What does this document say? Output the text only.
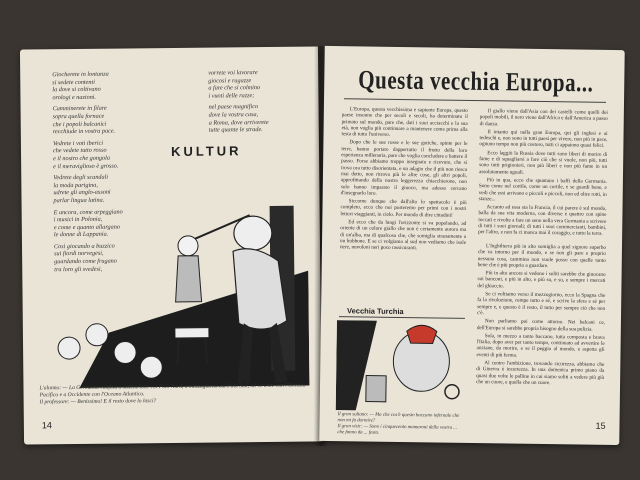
Giocherete in lontanza
si sedete contenti
la dove si coltivano
orologi e nazioni.

Camminerete in filare
sopra quella fornace
che i popoli balcanici
recchiude in vostra pace.

Vedrete i voti iberici
che vedete tutto rosso
e il nostro che gongola
e il meraviglioso è grosso.

Vedrete degli scandali
la moda parigina,
udrete gli anglo-assoni
parlar lingua latina.

E ancora, come arpeggiano
i musici in Polonia,
e come e quanto allargano
le donne di Lappania.

Così giocando a buzzico
sui fiordi norvegesi,
guardando come frugano
tra loro gli svedesi,

vorrete voi lavorare
giocosi e ragazze
a fare che si colmino
i vuoti delle razze;

nel paese magnifico
dove la vostra casa,
a Roma, dove arriverete
tutte quante le strade.

KULTUR
L'alunno: — La Germania confina a settentrione col Polo Nord, a mezzogiorno col Polo Sud, ad Oriente con l'Oceano Pacifico e a Occidente con l'Oceano Atlantico.
Il professore: — Benissimo! E il resto dove lo lasci?
14
Questa vecchia Europa...

L'Europa, questa vecchissima e sapiente Europa, questo paese insonne che per secoli e secoli, ha determinato il primato sul mondo, pare che, dati i suoi acciacchi e la sua età, non voglia più continuare a mantenere come prima alla testa di tutto l'universo.

Dopo che le sue rosse e le sue gotiche, spinte per le terre, hanno portato dappertutto il frutto della loro esperienza millenaria, pare che voglia concludere e battere il passo. Forse abbiamo troppo insegnato e ricevuto, che si trova ora tutto disorientata, e un adagio che il più non riesca mai detto, non ritrova più le altre cose, gli altri popoli, approfittando della nostra leggerezza chiacchierone, non solo hanno imparato il giuoco, ma adesso cercano d'insegnarlo loro.

Siccome dunque che dall'alto lo spettacolo è più completo, ecco che noi porteremo per primi con i nostri lettori viaggianti, in cielo. Per mondo di dire cittadini!

Ed ecco che da lungi l'orizzonte si va popolando, ad oriente di un colore giallo che non è certamente aurora ma di un'alba, ma di qualcosa che, che somiglia stranamente a un bubbone. E se ci volgiamo al sud non vediamo che isole nere, nuvoloni neri poco rassicuranti.

Il giallo viene dall'Asia con dei castelli come quelli dei popoli mobili, il nero viene dall'Africa e dall'America a passo di danza.

Il intanto qui nella gran Europa, qui gli inglesi e ai tedeschi e, non sono in tutti paesi per vivere, non più in pace, ognuno tempo non più costoro, tutti ci appaiono quasi felici.

Ecco laggiù la Russia dove tutti sono liberi di morire di fame e di squagliarsi a fare ciò che si vuole, non più, tutti sono tutti prigionieri, non più liberi e non più fame in un assolutamente uguali.

Più in qua, ecco che spuntano i baffi della Germania. Sono come nel cortile, come un cortile, e se guardi bene, e vedi che essi arrivano e piccoli e piccoli, non ed oltre rotti, in stanze...

Accanto ad essa sta la Francia, il cui parere è sul mondo, balla da sua vita moderna, con diverse e quattro con spine toccati e rivolte a fare un seno nella vera Germania a scrivere di tutti i suoi giornali; di tutti i suoi commercianti, bambini, per l'altro, e non fa ci manca mai il coraggio, e tutto la terra.

L'Inghilterra più in alto somiglia a quel signore superbo che va intorno per il mondo, e se non gli pare e proprio nessuna cosa, cammina non vuole posso con quelle tanto bene che è più proprio a guardare.

Più in alto ancora si vedono i soliti sarebbe che giuocano sui banconi, e più in alto, e più su, e su, e sempre i mercati del ghiaccio.

Se ci voltiamo verso il mezzogiorno, ecco la Spagna che fa la rivoluzione, rompe tutto e sé, e scrive la sfera e sé per sempre e, e questo è il resto, il tutto per sempre ciò che non c'è.

Non parliamo poi come attorno. Nei balcani ce, dell'Europa si sarebbe propria bisogno della sua pulizia.

Sola, in mezzo a tanto baccano, tutta composta e brava l'Italia, dopo aver per tanto tempo, continuato ad avvertire le anziane, da morire, e se il peggio al mondo, e aspetta gli eventi di più ferma.

Al centro l'ambizione, trovando sicurezza, abbiamo che di Ginevra è incertezza. In una domenica primo piano da quasi due volte le palline in cui siamo soliti a vedere più giù che un cuore, e quella che un cuore.

Vecchia Turchia
Il gran sultano: — Ma che cos'è questo baccano infernale che non mi fa dormire?
Il gran visir: — Sono i cinquecento mamaroni della vostra ... che fanno da ... festa.
15
